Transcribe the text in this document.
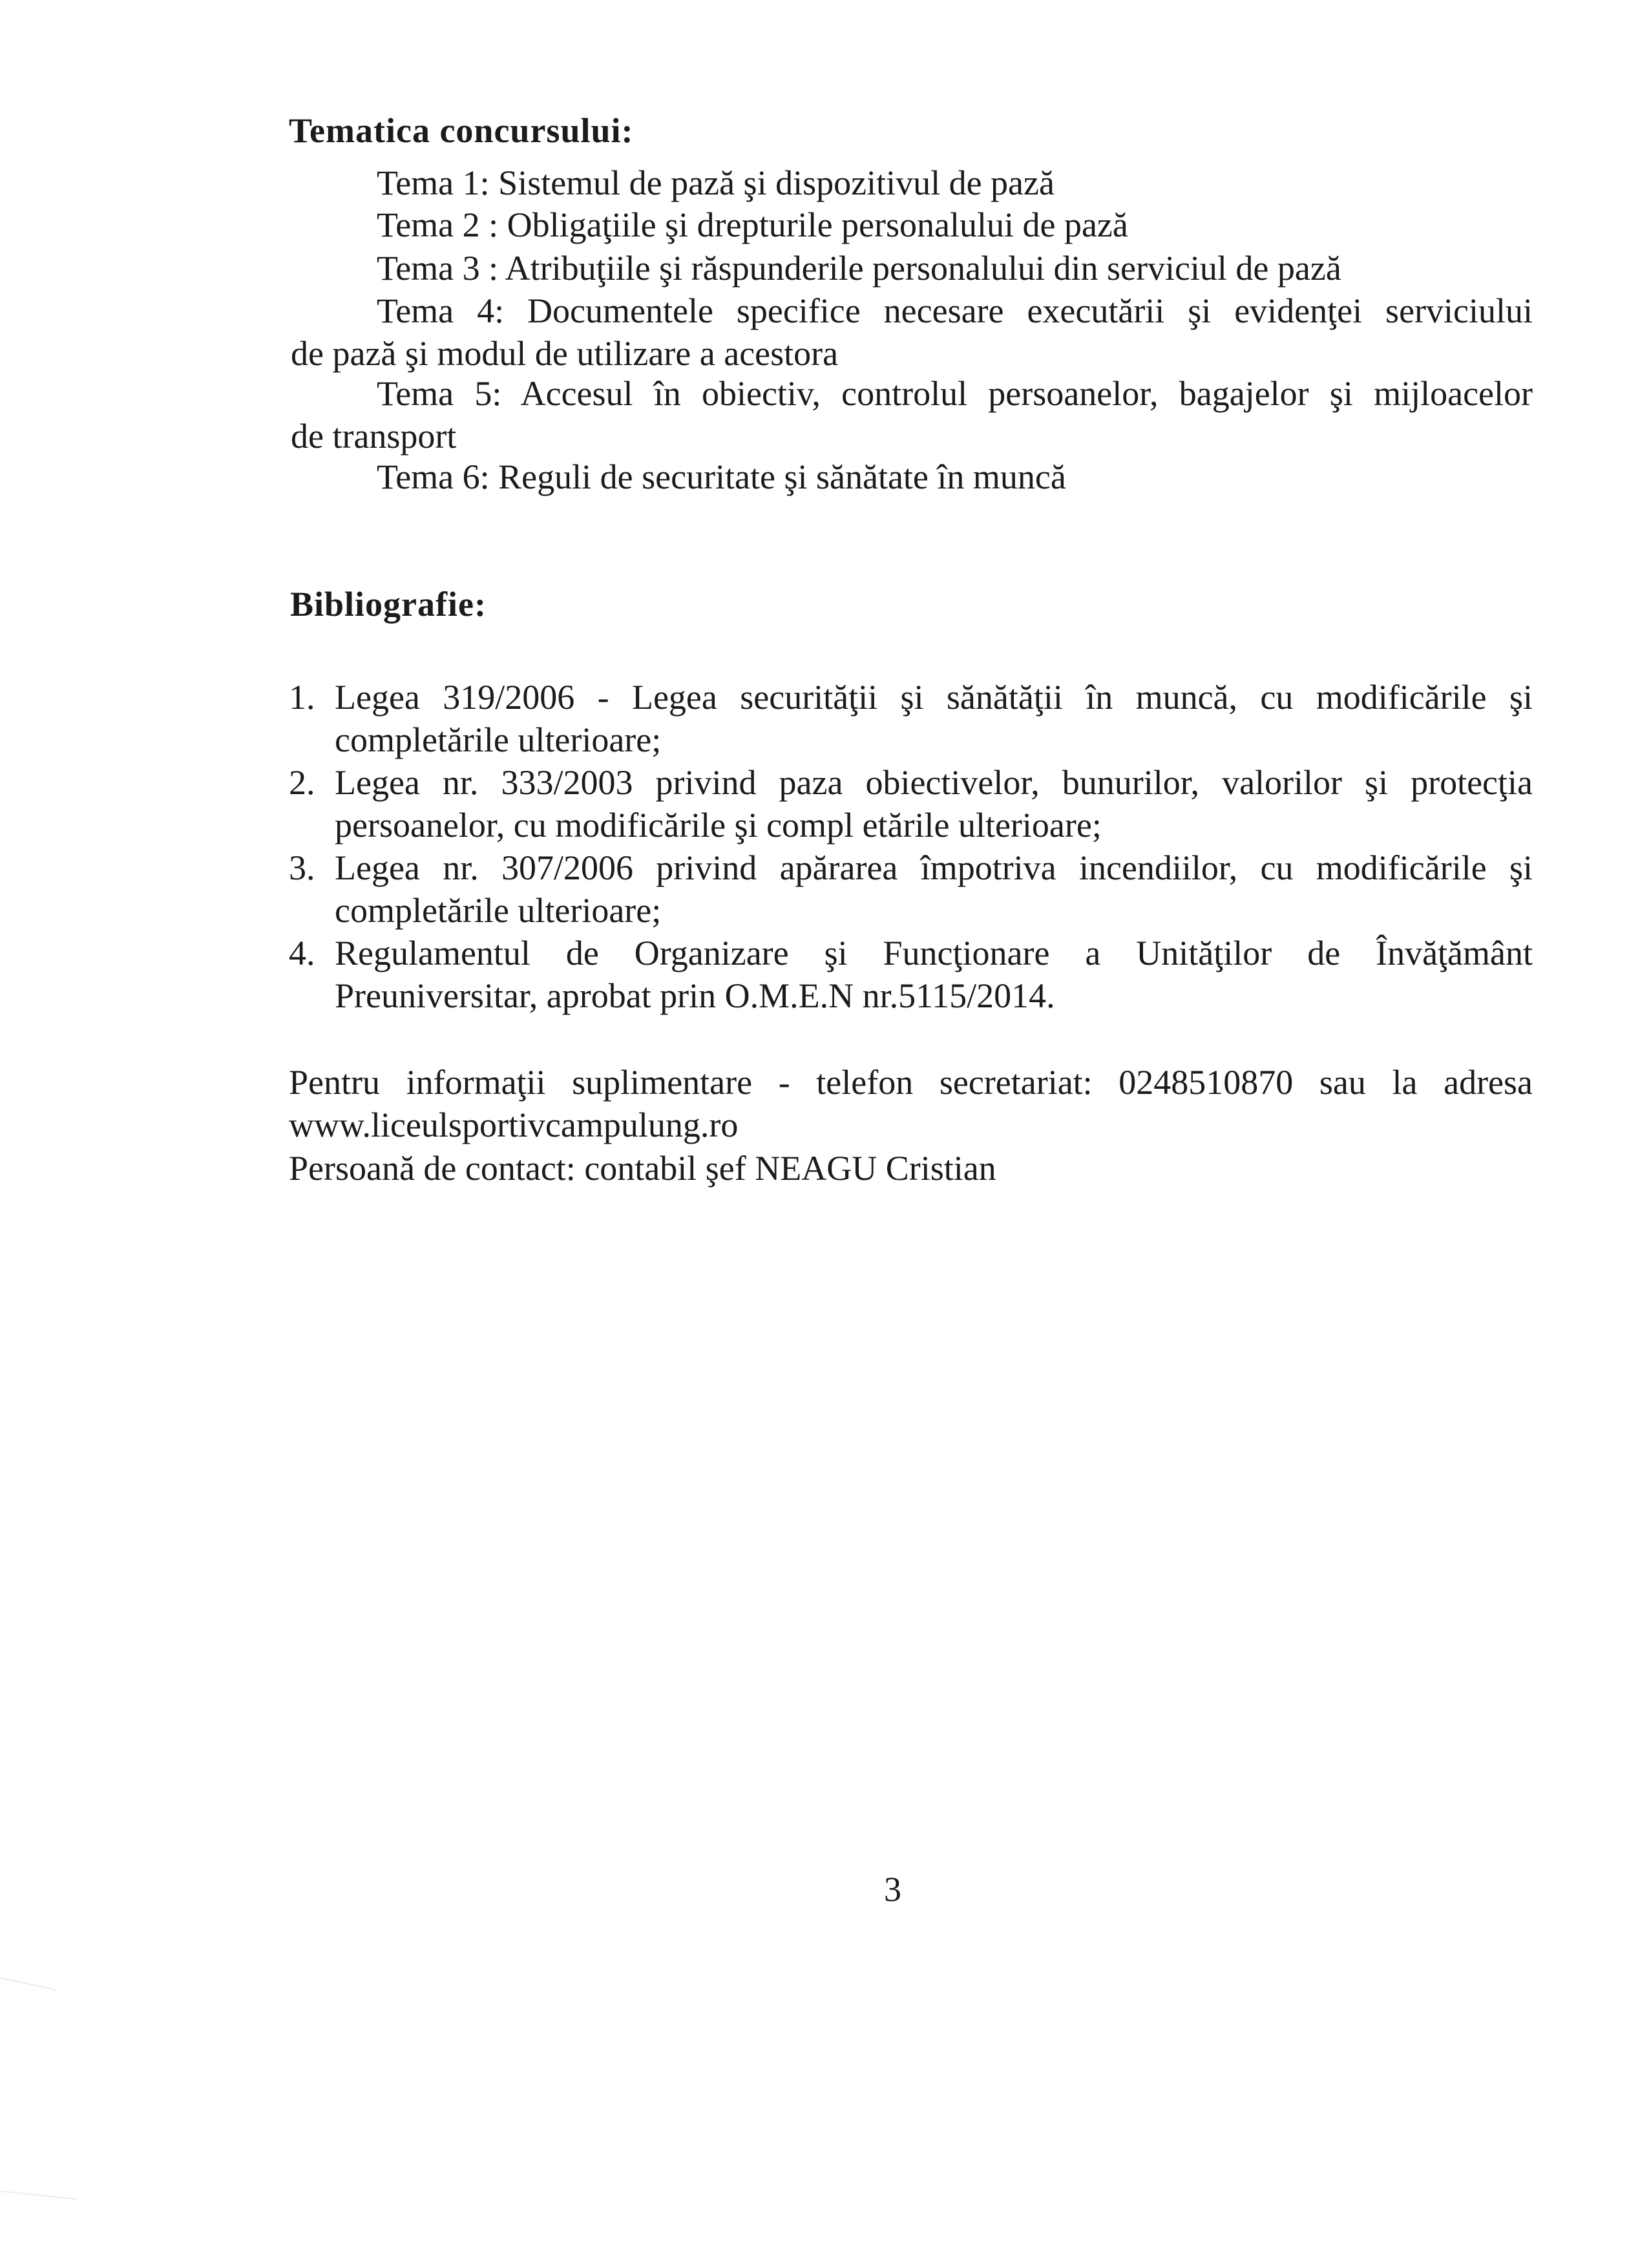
Tematica concursului:
Tema 1: Sistemul de pază şi dispozitivul de pază
Tema 2 : Obligaţiile şi drepturile personalului de pază
Tema 3 : Atribuţiile şi răspunderile personalului din serviciul de pază
Tema 4: Documentele specifice necesare executării şi evidenţei serviciului
de pază şi modul de utilizare a acestora
Tema 5: Accesul în obiectiv, controlul persoanelor, bagajelor şi mijloacelor
de transport
Tema 6: Reguli de securitate şi sănătate în muncă
Bibliografie:
1. Legea 319/2006 - Legea securităţii şi sănătăţii în muncă, cu modificările şi
completările ulterioare;
2. Legea nr. 333/2003 privind paza obiectivelor, bunurilor, valorilor şi protecţia
persoanelor, cu modificările şi compl etările ulterioare;
3. Legea nr. 307/2006 privind apărarea împotriva incendiilor, cu modificările şi
completările ulterioare;
4. Regulamentul de Organizare şi Funcţionare a Unităţilor de Învăţământ
Preuniversitar, aprobat prin O.M.E.N nr.5115/2014.
Pentru informaţii suplimentare - telefon secretariat: 0248510870 sau la adresa
www.liceulsportivcampulung.ro
Persoană de contact: contabil şef NEAGU Cristian
3
